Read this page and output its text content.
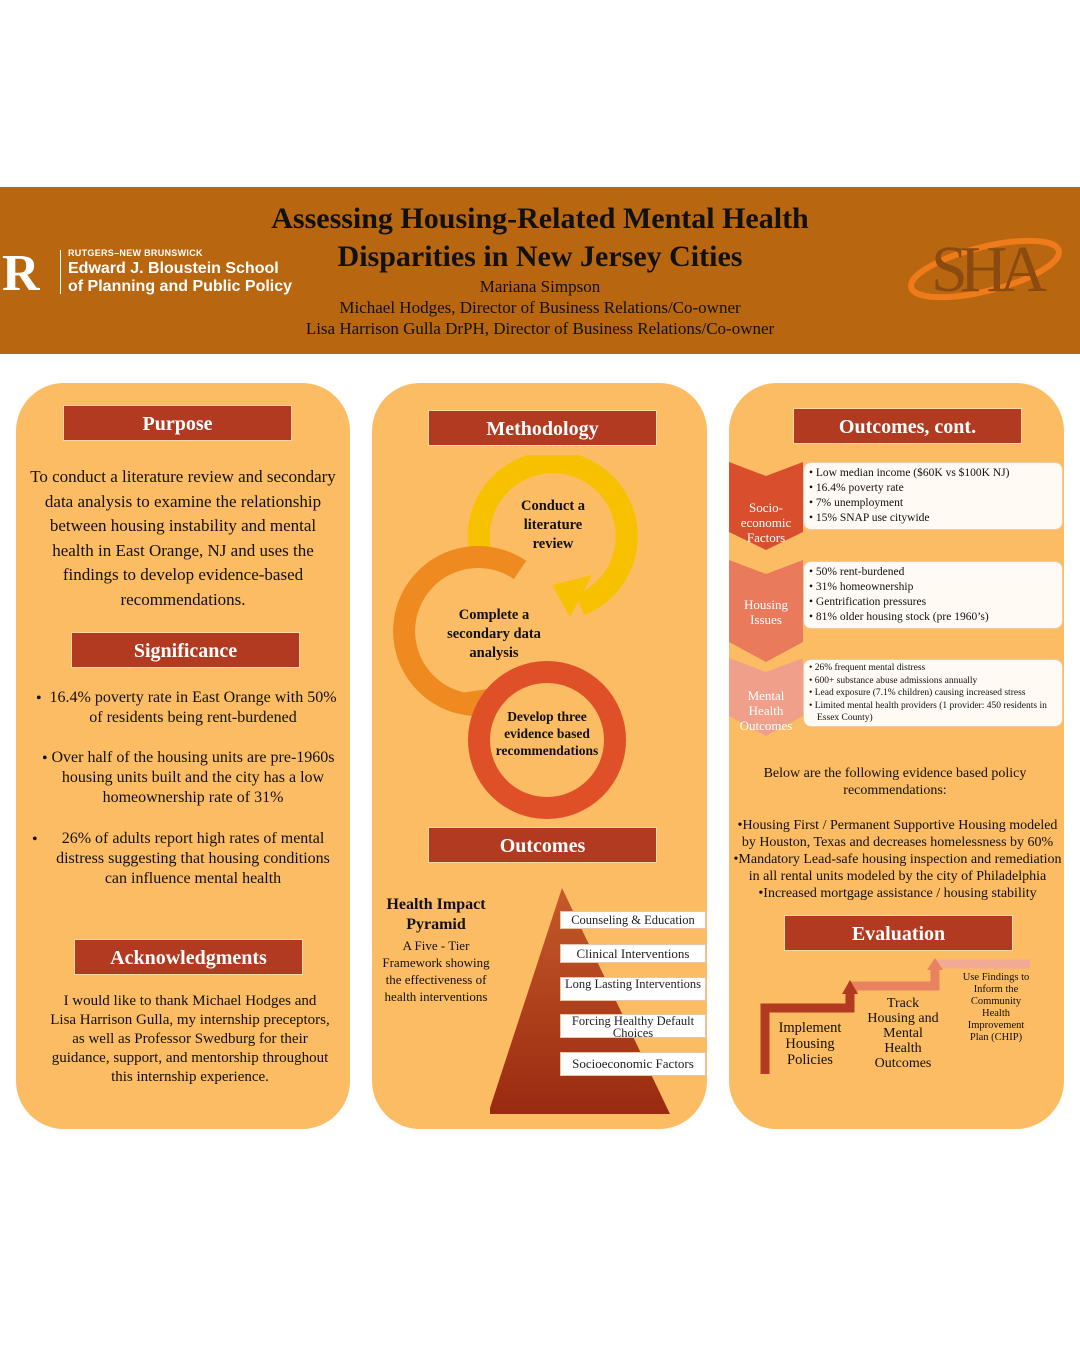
R	RUTGERS–NEW BRUNSWICK
Edward J. Bloustein School
of Planning and Public Policy
Assessing Housing-Related Mental Health
Disparities in New Jersey Cities
Mariana Simpson
Michael Hodges, Director of Business Relations/Co-owner
Lisa Harrison Gulla DrPH, Director of Business Relations/Co-owner
SHA
Purpose
To conduct a literature review and secondary data analysis to examine the relationship between housing instability and mental health in East Orange, NJ and uses the findings to develop evidence-based recommendations.
Significance
• 16.4% poverty rate in East Orange with 50% of residents being rent-burdened
• Over half of the housing units are pre-1960s housing units built and the city has a low homeownership rate of 31%
•	26% of adults report high rates of mental distress suggesting that housing conditions can influence mental health
Acknowledgments
I would like to thank Michael Hodges and Lisa Harrison Gulla, my internship preceptors, as well as Professor Swedburg for their guidance, support, and mentorship throughout this internship experience.
Methodology
Conduct a literature review
Complete a secondary data analysis
Develop three evidence based recommendations
Outcomes
Health Impact Pyramid
A Five - Tier Framework showing the effectiveness of health interventions
Counseling & Education
Clinical Interventions
Long Lasting Interventions
Forcing Healthy Default Choices
Socioeconomic Factors
Outcomes, cont.
Socio-economic Factors
Housing Issues
Mental Health Outcomes
• Low median income ($60K vs $100K NJ)
• 16.4% poverty rate
• 7% unemployment
• 15% SNAP use citywide
• 50% rent-burdened
• 31% homeownership
• Gentrification pressures
• 81% older housing stock (pre 1960’s)
• 26% frequent mental distress
• 600+ substance abuse admissions annually
• Lead exposure (7.1% children) causing increased stress
• Limited mental health providers (1 provider: 450 residents in Essex County)
Below are the following evidence based policy recommendations:
•Housing First / Permanent Supportive Housing modeled by Houston, Texas and decreases homelessness by 60%
•Mandatory Lead-safe housing inspection and remediation in all rental units modeled by the city of Philadelphia
•Increased mortgage assistance / housing stability
Evaluation
Implement Housing Policies
Track Housing and Mental Health Outcomes
Use Findings to Inform the Community Health Improvement Plan (CHIP)
